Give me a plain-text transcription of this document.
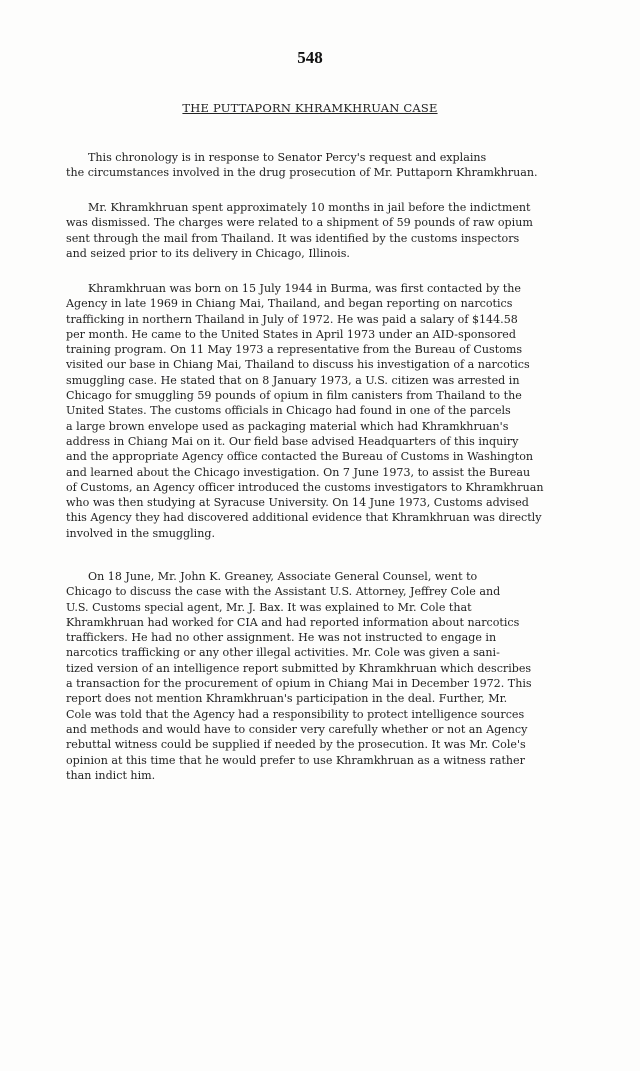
548
THE PUTTAPORN KHRAMKHRUAN CASE
This chronology is in response to Senator Percy's request and explains
the circumstances involved in the drug prosecution of Mr. Puttaporn Khramkhruan.
Mr. Khramkhruan spent approximately 10 months in jail before the indictment
was dismissed. The charges were related to a shipment of 59 pounds of raw opium
sent through the mail from Thailand. It was identified by the customs inspectors
and seized prior to its delivery in Chicago, Illinois.
Khramkhruan was born on 15 July 1944 in Burma, was first contacted by the
Agency in late 1969 in Chiang Mai, Thailand, and began reporting on narcotics
trafficking in northern Thailand in July of 1972. He was paid a salary of $144.58
per month. He came to the United States in April 1973 under an AID-sponsored
training program. On 11 May 1973 a representative from the Bureau of Customs
visited our base in Chiang Mai, Thailand to discuss his investigation of a narcotics
smuggling case. He stated that on 8 January 1973, a U.S. citizen was arrested in
Chicago for smuggling 59 pounds of opium in film canisters from Thailand to the
United States. The customs officials in Chicago had found in one of the parcels
a large brown envelope used as packaging material which had Khramkhruan's
address in Chiang Mai on it. Our field base advised Headquarters of this inquiry
and the appropriate Agency office contacted the Bureau of Customs in Washington
and learned about the Chicago investigation. On 7 June 1973, to assist the Bureau
of Customs, an Agency officer introduced the customs investigators to Khramkhruan
who was then studying at Syracuse University. On 14 June 1973, Customs advised
this Agency they had discovered additional evidence that Khramkhruan was directly
involved in the smuggling.
On 18 June, Mr. John K. Greaney, Associate General Counsel, went to
Chicago to discuss the case with the Assistant U.S. Attorney, Jeffrey Cole and
U.S. Customs special agent, Mr. J. Bax. It was explained to Mr. Cole that
Khramkhruan had worked for CIA and had reported information about narcotics
traffickers. He had no other assignment. He was not instructed to engage in
narcotics trafficking or any other illegal activities. Mr. Cole was given a sani-
tized version of an intelligence report submitted by Khramkhruan which describes
a transaction for the procurement of opium in Chiang Mai in December 1972. This
report does not mention Khramkhruan's participation in the deal. Further, Mr.
Cole was told that the Agency had a responsibility to protect intelligence sources
and methods and would have to consider very carefully whether or not an Agency
rebuttal witness could be supplied if needed by the prosecution. It was Mr. Cole's
opinion at this time that he would prefer to use Khramkhruan as a witness rather
than indict him.
